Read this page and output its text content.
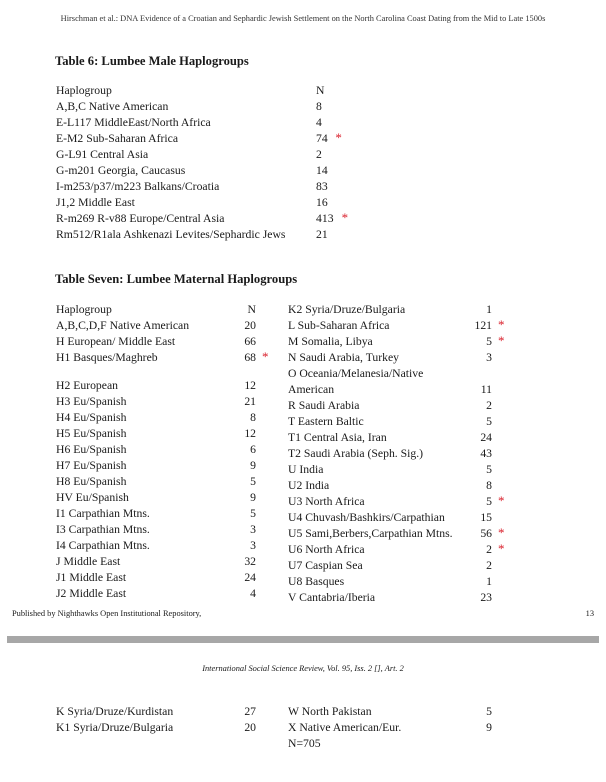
Hirschman et al.: DNA Evidence of a Croatian and Sephardic Jewish Settlement on the North Carolina Coast Dating from the Mid to Late 1500s
Table 6: Lumbee Male Haplogroups
Haplogroup	N
A,B,C Native American	8
E-L117 MiddleEast/North Africa	4
E-M2 Sub-Saharan Africa	74 *
G-L91 Central Asia	2
G-m201 Georgia, Caucasus	14
I-m253/p37/m223 Balkans/Croatia	83
J1,2 Middle East	16
R-m269 R-v88 Europe/Central Asia	413 *
Rm512/R1ala Ashkenazi Levites/Sephardic Jews	21
Table Seven: Lumbee Maternal Haplogroups
Haplogroup	N
A,B,C,D,F Native American	20
H European/ Middle East	66
H1 Basques/Maghreb	68 *
H2 European	12
H3 Eu/Spanish	21
H4 Eu/Spanish	8
H5 Eu/Spanish	12
H6 Eu/Spanish	6
H7 Eu/Spanish	9
H8 Eu/Spanish	5
HV Eu/Spanish	9
I1 Carpathian Mtns.	5
I3 Carpathian Mtns.	3
I4 Carpathian Mtns.	3
J Middle East	32
J1 Middle East	24
J2 Middle East	4
K2 Syria/Druze/Bulgaria	1
L Sub-Saharan Africa	121 *
M Somalia, Libya	5 *
N Saudi Arabia, Turkey	3
O Oceania/Melanesia/Native
American	11
R Saudi Arabia	2
T Eastern Baltic	5
T1 Central Asia, Iran	24
T2 Saudi Arabia (Seph. Sig.)	43
U India	5
U2 India	8
U3 North Africa	5 *
U4 Chuvash/Bashkirs/Carpathian	15
U5 Sami,Berbers,Carpathian Mtns.	56 *
U6 North Africa	2 *
U7 Caspian Sea	2
U8 Basques	1
V Cantabria/Iberia	23
Published by Nighthawks Open Institutional Repository,	13
International Social Science Review, Vol. 95, Iss. 2 [], Art. 2
K Syria/Druze/Kurdistan	27
K1 Syria/Druze/Bulgaria	20
W North Pakistan	5
X Native American/Eur.	9
N=705
